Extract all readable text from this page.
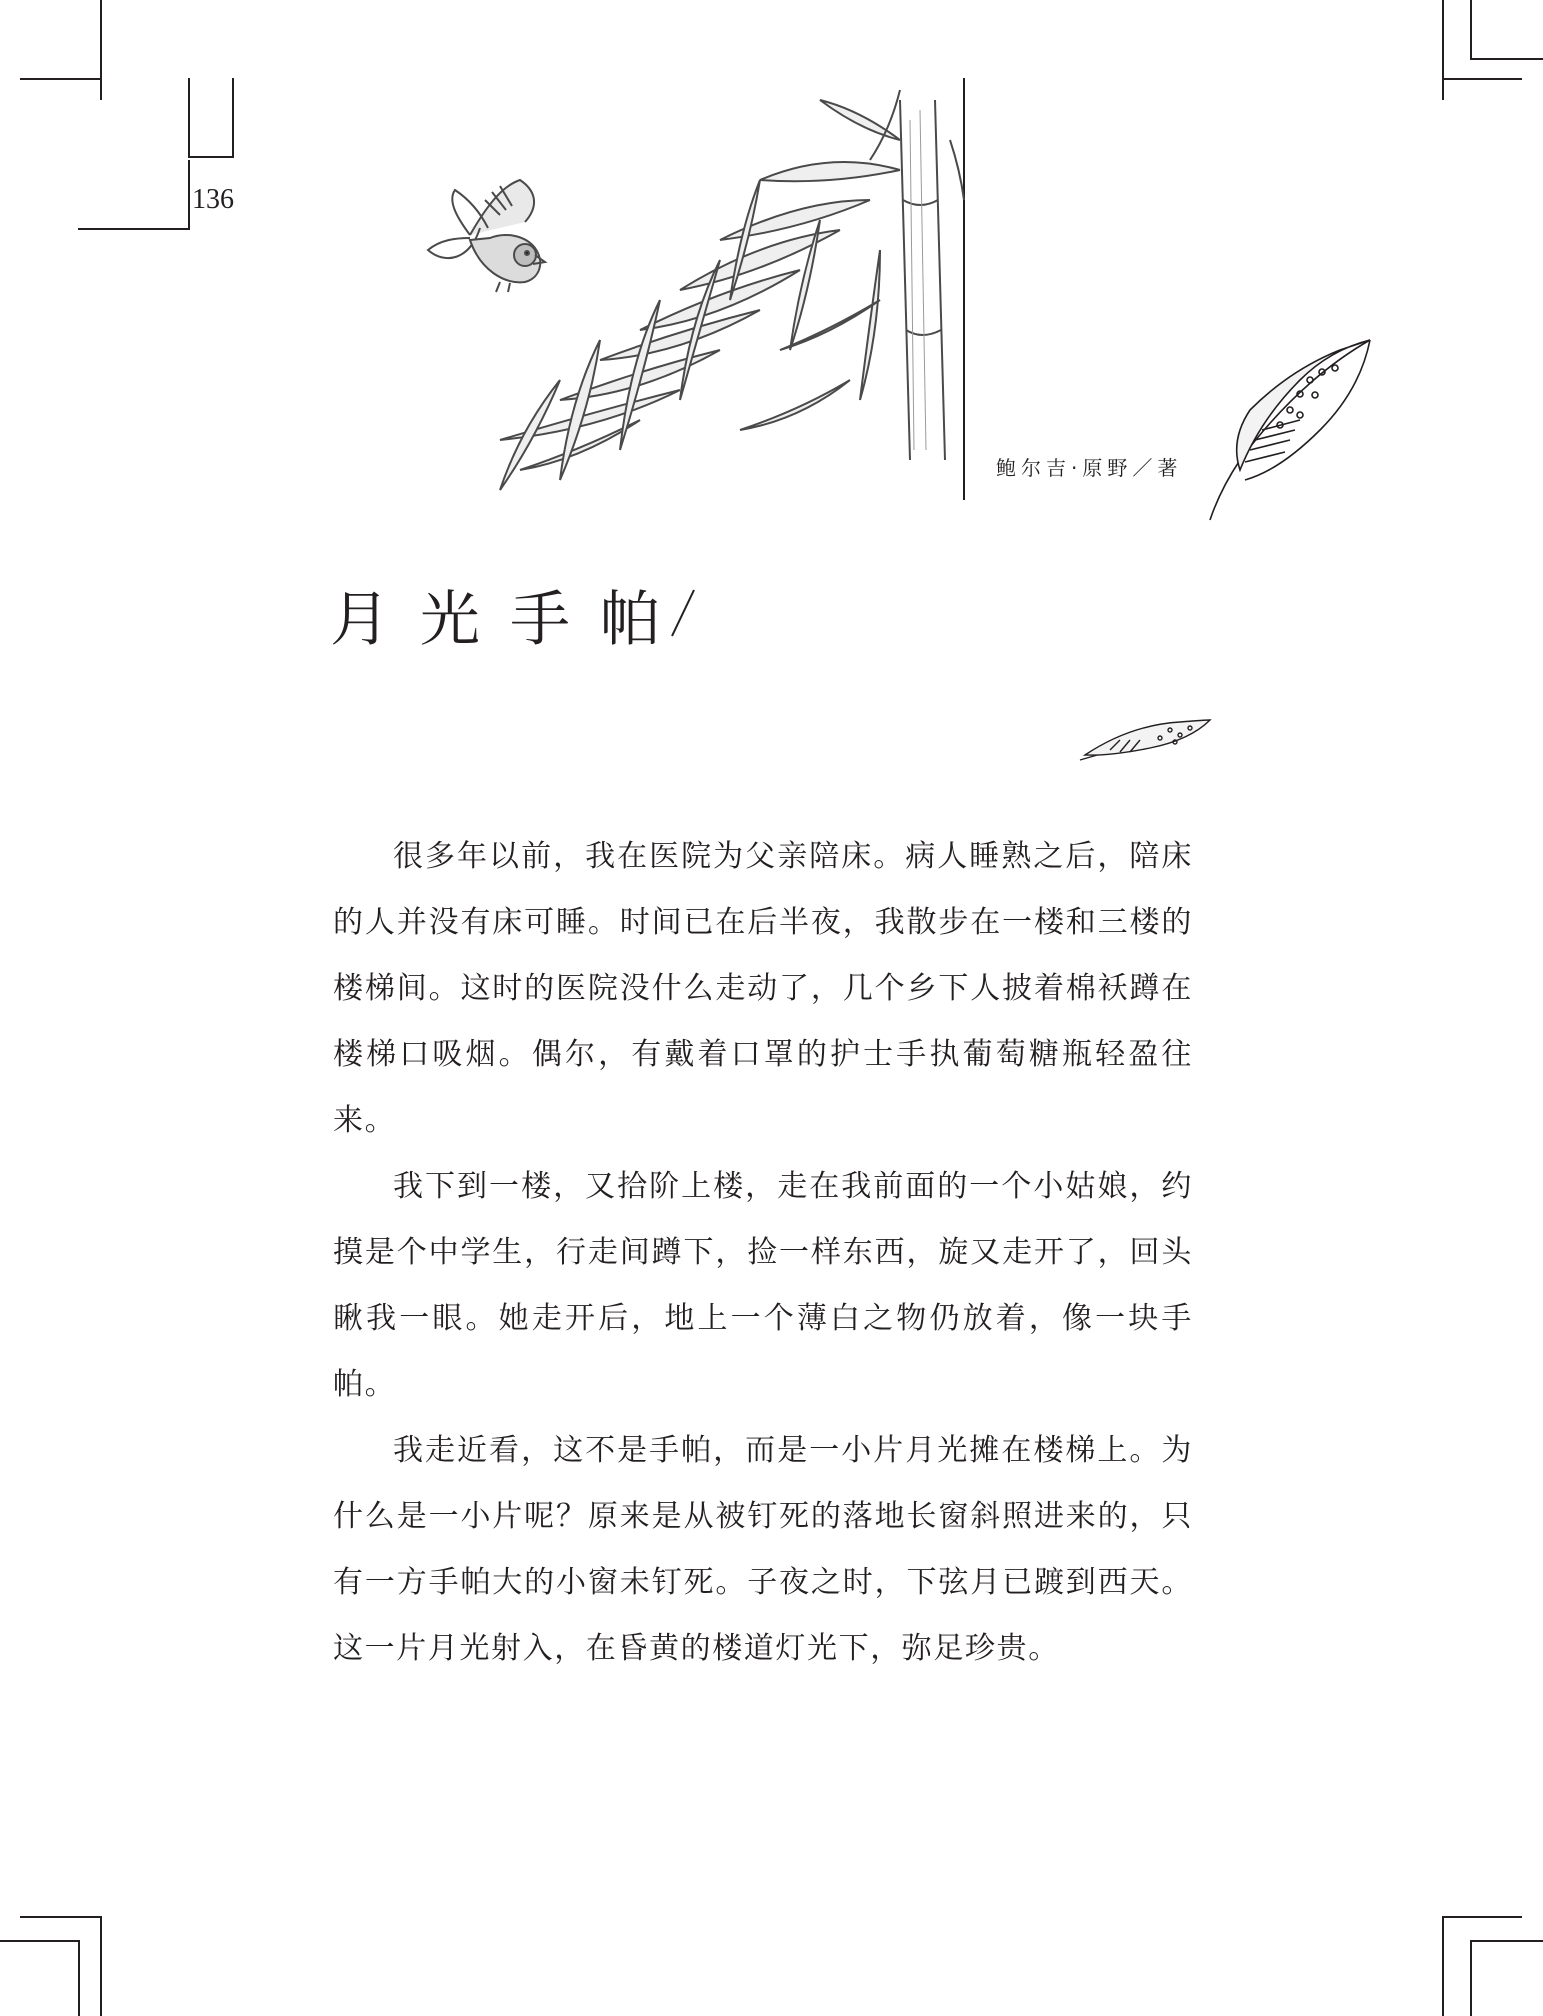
136
鲍尔吉·原野／著
月光手帕

很多年以前，我在医院为父亲陪床。病人睡熟之后，陪床的人并没有床可睡。时间已在后半夜，我散步在一楼和三楼的楼梯间。这时的医院没什么走动了，几个乡下人披着棉袄蹲在楼梯口吸烟。偶尔，有戴着口罩的护士手执葡萄糖瓶轻盈往来。

我下到一楼，又拾阶上楼，走在我前面的一个小姑娘，约摸是个中学生，行走间蹲下，捡一样东西，旋又走开了，回头瞅我一眼。她走开后，地上一个薄白之物仍放着，像一块手帕。

我走近看，这不是手帕，而是一小片月光摊在楼梯上。为什么是一小片呢？原来是从被钉死的落地长窗斜照进来的，只有一方手帕大的小窗未钉死。子夜之时，下弦月已踱到西天。这一片月光射入，在昏黄的楼道灯光下，弥足珍贵。
